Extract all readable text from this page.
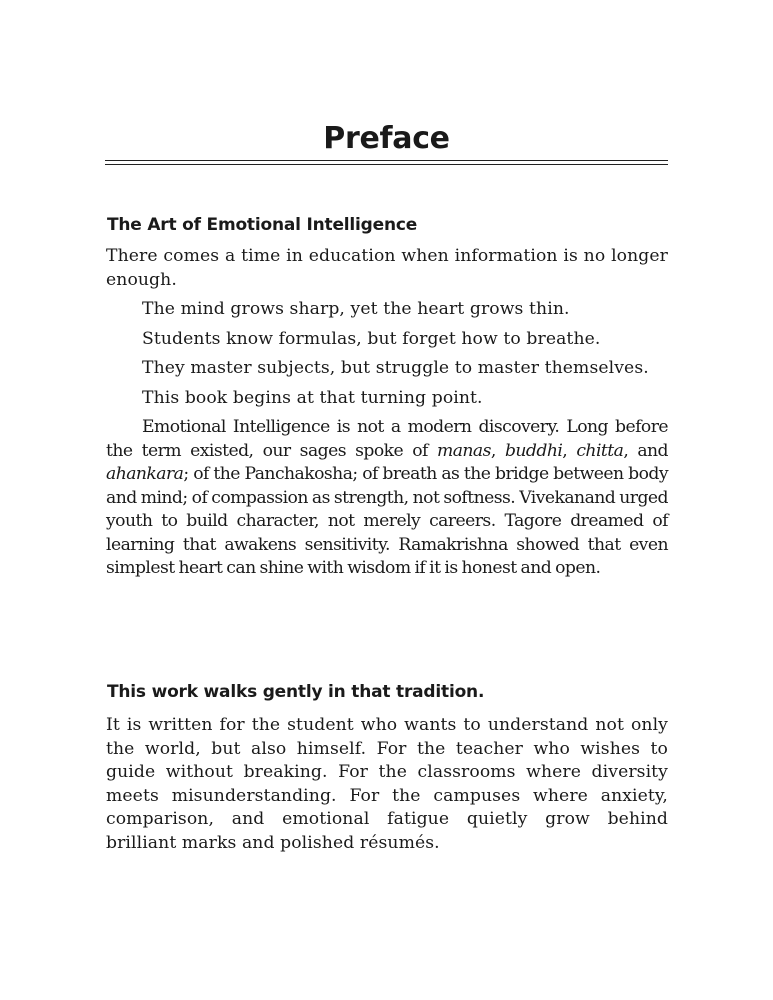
Preface
The Art of Emotional Intelligence

There comes a time in education when information is no longer enough.

The mind grows sharp, yet the heart grows thin.

Students know formulas, but forget how to breathe.

They master subjects, but struggle to master themselves.

This book begins at that turning point.

Emotional Intelligence is not a modern discovery. Long before the term existed, our sages spoke of manas, buddhi, chitta, and ahankara; of the Panchakosha; of breath as the bridge between body and mind; of compassion as strength, not softness. Vivekanand urged youth to build character, not merely careers. Tagore dreamed of learning that awakens sensitivity. Ramakrishna showed that even simplest heart can shine with wisdom if it is honest and open.

This work walks gently in that tradition.

It is written for the student who wants to understand not only the world, but also himself. For the teacher who wishes to guide without breaking. For the classrooms where diversity meets misunderstanding. For the campuses where anxiety, comparison, and emotional fatigue quietly grow behind brilliant marks and polished résumés.
